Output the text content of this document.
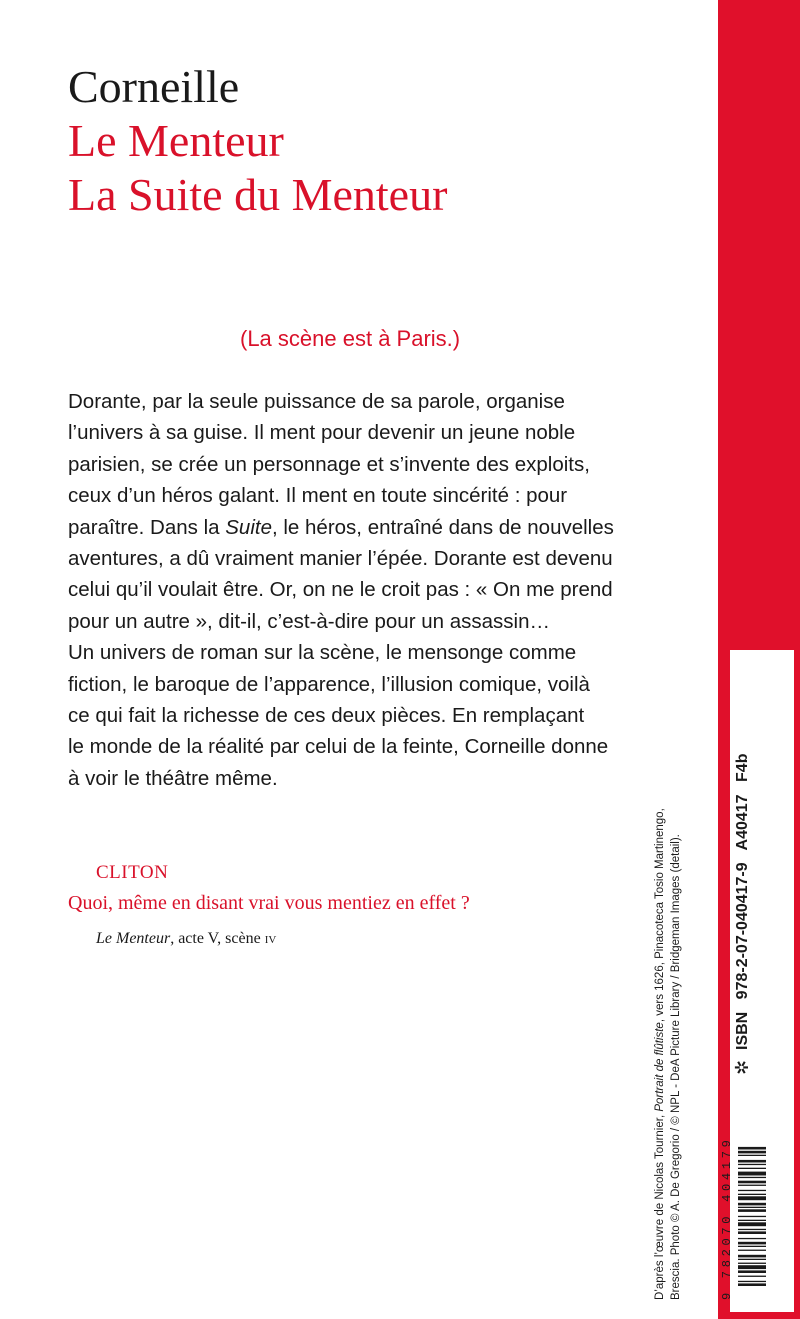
Corneille
Le Menteur
La Suite du Menteur
(La scène est à Paris.)
Dorante, par la seule puissance de sa parole, organise
l’univers à sa guise. Il ment pour devenir un jeune noble
parisien, se crée un personnage et s’invente des exploits,
ceux d’un héros galant. Il ment en toute sincérité : pour
paraître. Dans la Suite, le héros, entraîné dans de nouvelles
aventures, a dû vraiment manier l’épée. Dorante est devenu
celui qu’il voulait être. Or, on ne le croit pas : « On me prend
pour un autre », dit-il, c’est-à-dire pour un assassin…
Un univers de roman sur la scène, le mensonge comme
fiction, le baroque de l’apparence, l’illusion comique, voilà
ce qui fait la richesse de ces deux pièces. En remplaçant
le monde de la réalité par celui de la feinte, Corneille donne
à voir le théâtre même.
CLITON
Quoi, même en disant vrai vous mentiez en effet ?
Le Menteur, acte V, scène IV
D’après l’œuvre de Nicolas Tournier, Portrait de flûtiste, vers 1626, Pinacoteca Tosio Martinengo, Brescia. Photo © A. De Gregorio / © NPL - DeA Picture Library / Bridgeman Images (detail).	9 782070 404179
✲
ISBN 978-2-07-040417-9 A40417 F4b
